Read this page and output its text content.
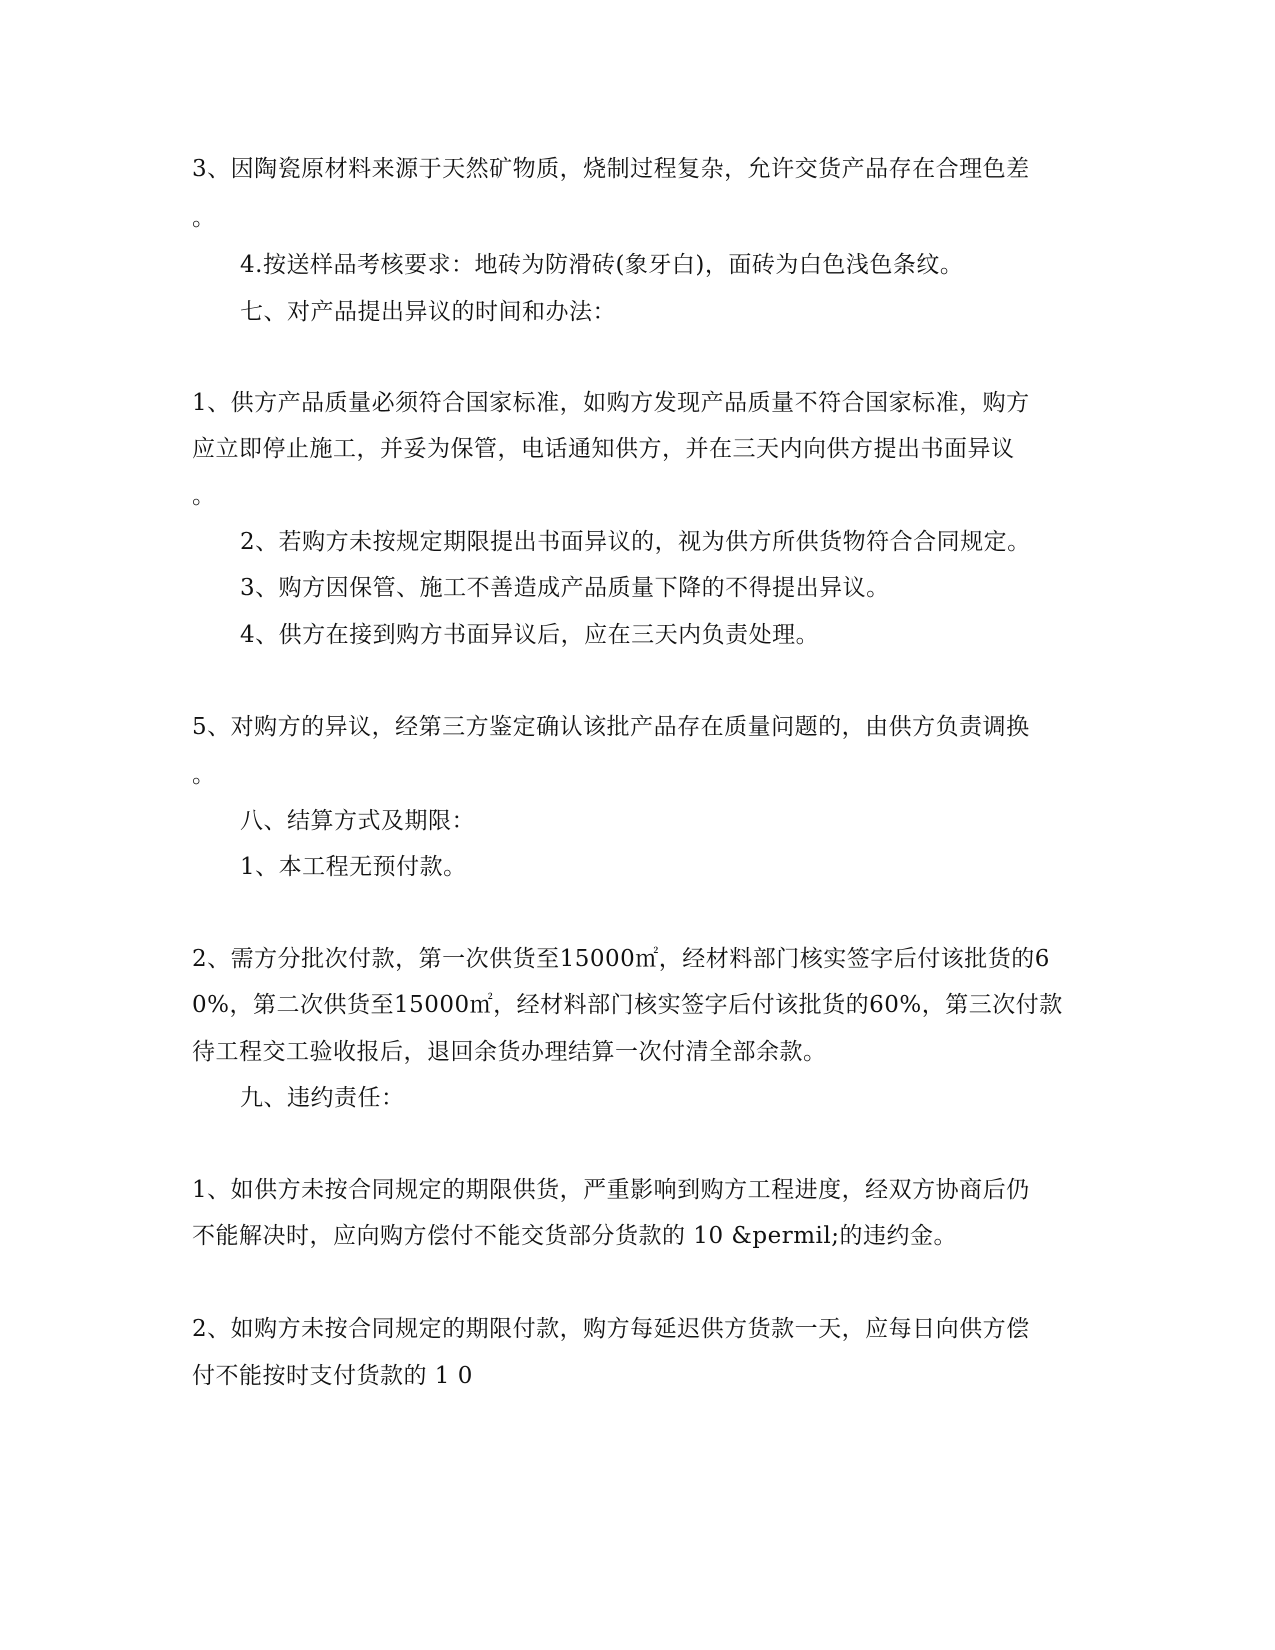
3、因陶瓷原材料来源于天然矿物质，烧制过程复杂，允许交货产品存在合理色差
。
4.按送样品考核要求：地砖为防滑砖(象牙白)，面砖为白色浅色条纹。
七、对产品提出异议的时间和办法：
1、供方产品质量必须符合国家标准，如购方发现产品质量不符合国家标准，购方
应立即停止施工，并妥为保管，电话通知供方，并在三天内向供方提出书面异议
。
2、若购方未按规定期限提出书面异议的，视为供方所供货物符合合同规定。
3、购方因保管、施工不善造成产品质量下降的不得提出异议。
4、供方在接到购方书面异议后，应在三天内负责处理。
5、对购方的异议，经第三方鉴定确认该批产品存在质量问题的，由供方负责调换
。
八、结算方式及期限：
1、本工程无预付款。
2、需方分批次付款，第一次供货至15000㎡，经材料部门核实签字后付该批货的6
0%，第二次供货至15000㎡，经材料部门核实签字后付该批货的60%，第三次付款
待工程交工验收报后，退回余货办理结算一次付清全部余款。
九、违约责任：
1、如供方未按合同规定的期限供货，严重影响到购方工程进度，经双方协商后仍
不能解决时，应向购方偿付不能交货部分货款的 10 &permil;的违约金。
2、如购方未按合同规定的期限付款，购方每延迟供方货款一天，应每日向供方偿
付不能按时支付货款的 1 0
